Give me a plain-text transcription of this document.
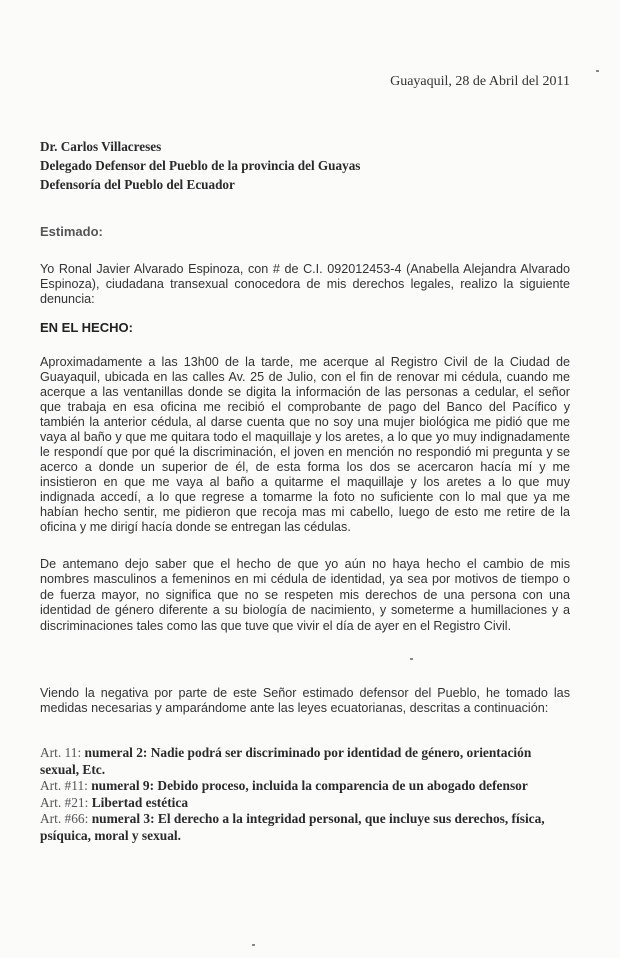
Guayaquil, 28 de Abril del 2011
Dr. Carlos Villacreses
Delegado Defensor del Pueblo de la provincia del Guayas
Defensoría del Pueblo del Ecuador
Estimado:

Yo Ronal Javier Alvarado Espinoza, con # de C.I. 092012453-4 (Anabella Alejandra Alvarado Espinoza), ciudadana transexual conocedora de mis derechos legales, realizo la siguiente denuncia:

EN EL HECHO:

Aproximadamente a las 13h00 de la tarde, me acerque al Registro Civil de la Ciudad de Guayaquil, ubicada en las calles Av. 25 de Julio, con el fin de renovar mi cédula, cuando me acerque a las ventanillas donde se digita la información de las personas a cedular, el señor que trabaja en esa oficina me recibió el comprobante de pago del Banco del Pacífico y también la anterior cédula, al darse cuenta que no soy una mujer biológica me pidió que me vaya al baño y que me quitara todo el maquillaje y los aretes, a lo que yo muy indignadamente le respondí que por qué la discriminación, el joven en mención no respondió mi pregunta y se acerco a donde un superior de él, de esta forma los dos se acercaron hacía mí y me insistieron en que me vaya al baño a quitarme el maquillaje y los aretes a lo que muy indignada accedí, a lo que regrese a tomarme la foto no suficiente con lo mal que ya me habían hecho sentir, me pidieron que recoja mas mi cabello, luego de esto me retire de la oficina y me dirigí hacía donde se entregan las cédulas.

De antemano dejo saber que el hecho de que yo aún no haya hecho el cambio de mis nombres masculinos a femeninos en mi cédula de identidad, ya sea por motivos de tiempo o de fuerza mayor, no significa que no se respeten mis derechos de una persona con una identidad de género diferente a su biología de nacimiento, y someterme a humillaciones y a discriminaciones tales como las que tuve que vivir el día de ayer en el Registro Civil.

Viendo la negativa por parte de este Señor estimado defensor del Pueblo, he tomado las medidas necesarias y amparándome ante las leyes ecuatorianas, descritas a continuación:

Art. 11: numeral 2: Nadie podrá ser discriminado por identidad de género, orientación sexual, Etc.

Art. #11: numeral 9: Debido proceso, incluida la comparencia de un abogado defensor

Art. #21: Libertad estética

Art. #66: numeral 3: El derecho a la integridad personal, que incluye sus derechos, física, psíquica, moral y sexual.
